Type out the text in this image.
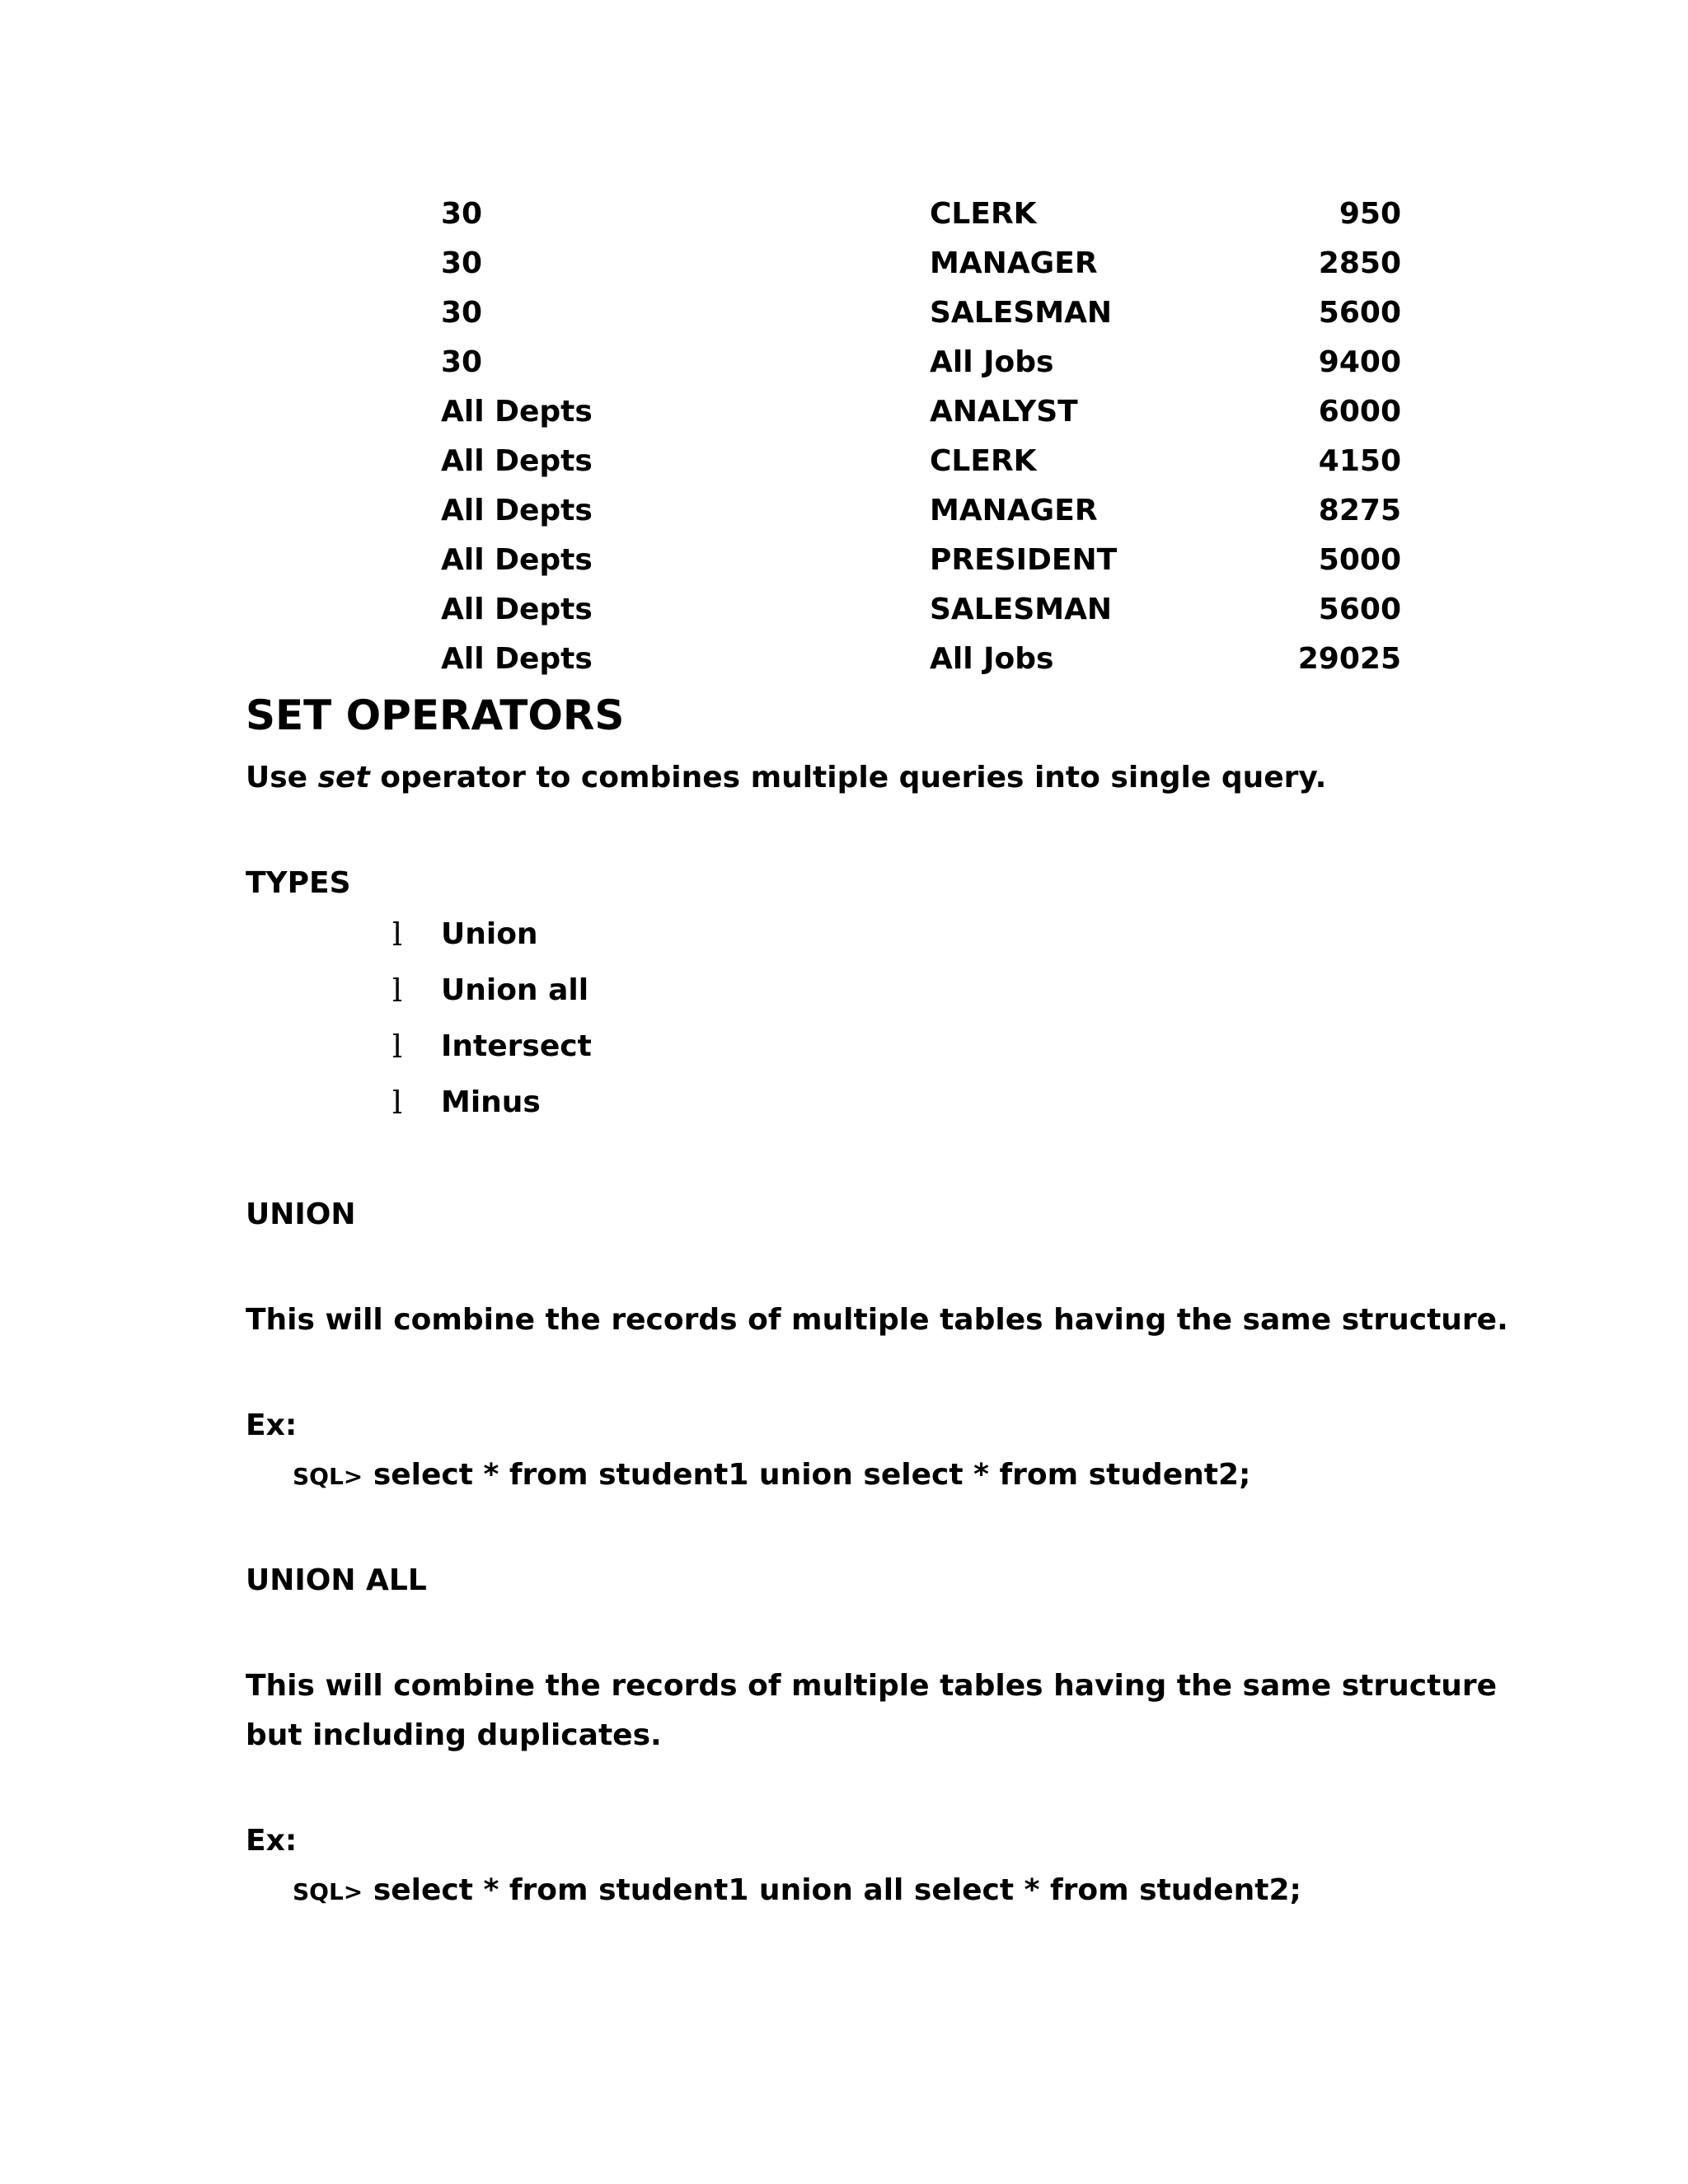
30	CLERK	950
30	MANAGER	2850
30	SALESMAN	5600
30	All Jobs	9400
All Depts	ANALYST	6000
All Depts	CLERK	4150
All Depts	MANAGER	8275
All Depts	PRESIDENT	5000
All Depts	SALESMAN	5600
All Depts	All Jobs	29025
SET OPERATORS
Use set operator to combines multiple queries into single query.
TYPES
l Union
l Union all
l Intersect
l Minus
UNION
This will combine the records of multiple tables having the same structure.
Ex:
SQL> select * from student1 union select * from student2;
UNION ALL
This will combine the records of multiple tables having the same structure
but including duplicates.
Ex:
SQL> select * from student1 union all select * from student2;
